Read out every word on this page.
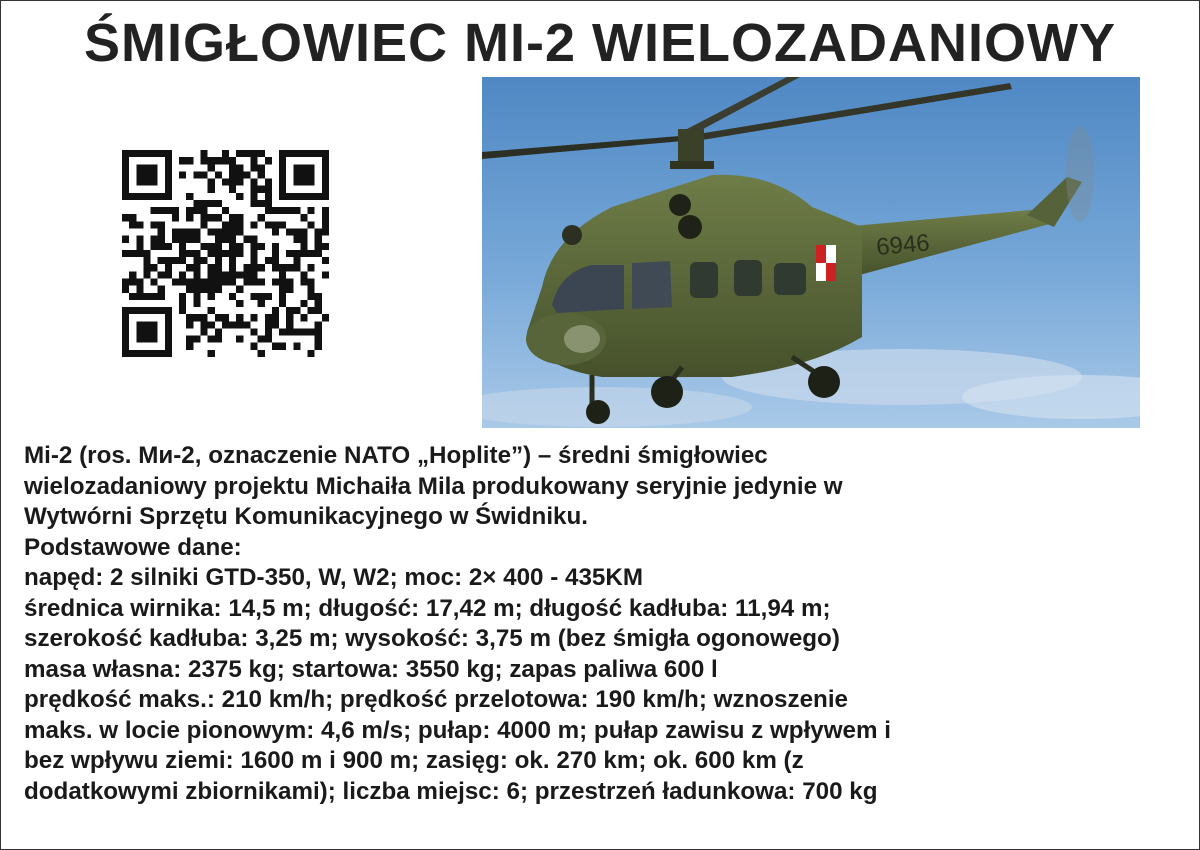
ŚMIGŁOWIEC MI-2 WIELOZADANIOWY
6946
Mi-2 (ros. Ми-2, oznaczenie NATO „Hoplite”) – średni śmigłowiec
wielozadaniowy projektu Michaiła Mila produkowany seryjnie jedynie w
Wytwórni Sprzętu Komunikacyjnego w Świdniku.
Podstawowe dane:
napęd: 2 silniki GTD-350, W, W2; moc: 2× 400 - 435KM
średnica wirnika: 14,5 m; długość: 17,42 m; długość kadłuba: 11,94 m;
szerokość kadłuba: 3,25 m; wysokość: 3,75 m (bez śmigła ogonowego)
masa własna: 2375 kg; startowa: 3550 kg; zapas paliwa 600 l
prędkość maks.: 210 km/h; prędkość przelotowa: 190 km/h; wznoszenie
maks. w locie pionowym: 4,6 m/s; pułap: 4000 m; pułap zawisu z wpływem i
bez wpływu ziemi: 1600 m i 900 m; zasięg: ok. 270 km; ok. 600 km (z
dodatkowymi zbiornikami); liczba miejsc: 6; przestrzeń ładunkowa: 700 kg
